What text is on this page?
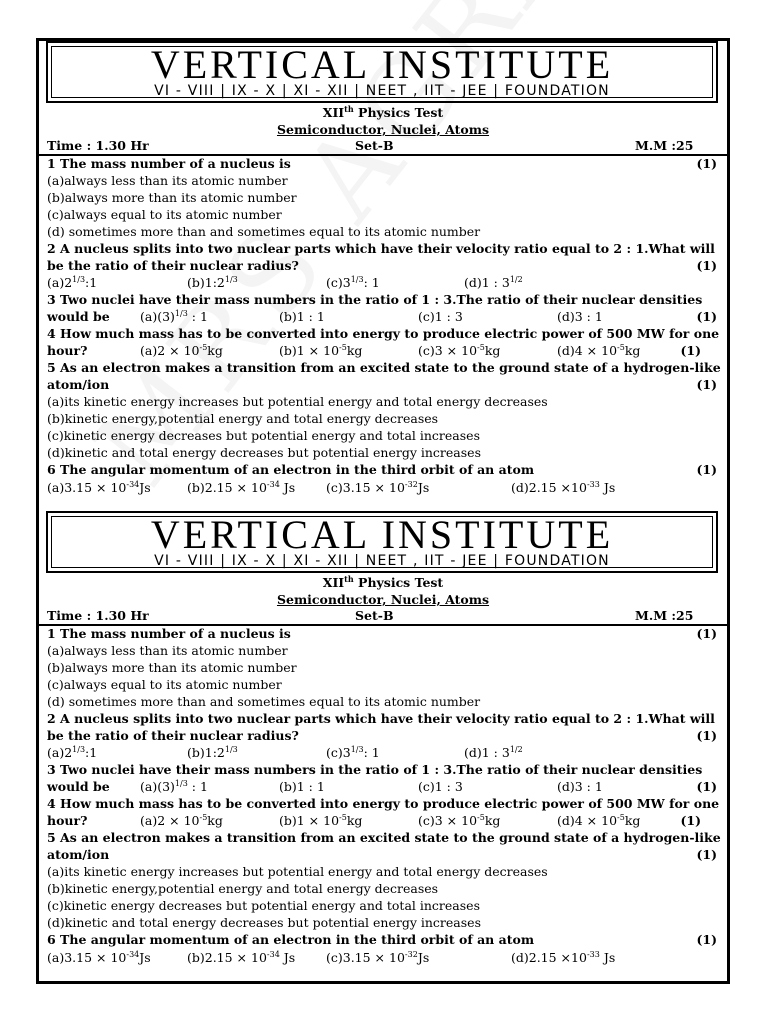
VERTICAL INSTITUTE
VI - VIII | IX - X | XI - XII | NEET , IIT - JEE | FOUNDATION
XIIth Physics Test
Semiconductor, Nuclei, Atoms
Time : 1.30 Hr	Set-B	M.M :25
1 The mass number of a nucleus is	(1)
(a)always less than its atomic number
(b)always more than its atomic number
(c)always equal to its atomic number
(d) sometimes more than and sometimes equal to its atomic number
2 A nucleus splits into two nuclear parts which have their velocity ratio equal to 2 : 1.What will
be the ratio of their nuclear radius?	(1)
$(a)2^{1/3}:1$	$(b)1:2^{1/3}$	$(c)3^{1/3}$: 1	(d)1 : $3^{1/2}$
3 Two nuclei have their mass numbers in the ratio of 1 : 3.The ratio of their nuclear densities
would be $(a)(3)^{1/3}$ : 1	(b)1 : 1	(c)1 : 3	(d)3 : 1	(1)
4 How much mass has to be converted into energy to produce electric power of 500 MW for one
hour?	$(a)2 \times 10^{-5}kg$	$(b)1 \times 10^{-5}kg$	$(c)3 \times 10^{-5}kg$	$(d)4 \times 10^{-5}kg$	(1)
5 As an electron makes a transition from an excited state to the ground state of a hydrogen-like
atom/ion	(1)
(a)its kinetic energy increases but potential energy and total energy decreases
(b)kinetic energy,potential energy and total energy decreases
(c)kinetic energy decreases but potential energy and total increases
(d)kinetic and total energy decreases but potential energy increases
6 The angular momentum of an electron in the third orbit of an atom	(1)
$(a)3.15 \times 10^{-34}Js$	$(b)2.15 \times 10^{-34}$ Js $(c)3.15 \times 10^{-32}Js$	$(d)2.15 \times 10^{-33}$ Js
VERTICAL INSTITUTE
VI - VIII | IX - X | XI - XII | NEET , IIT - JEE | FOUNDATION
XIIth Physics Test
Semiconductor, Nuclei, Atoms
Time : 1.30 Hr	Set-B	M.M :25
1 The mass number of a nucleus is	(1)
(a)always less than its atomic number
(b)always more than its atomic number
(c)always equal to its atomic number
(d) sometimes more than and sometimes equal to its atomic number
2 A nucleus splits into two nuclear parts which have their velocity ratio equal to 2 : 1.What will
be the ratio of their nuclear radius?	(1)
$(a)2^{1/3}:1$	$(b)1:2^{1/3}$	$(c)3^{1/3}$: 1	(d)1 : $3^{1/2}$
3 Two nuclei have their mass numbers in the ratio of 1 : 3.The ratio of their nuclear densities
would be $(a)(3)^{1/3}$ : 1	(b)1 : 1	(c)1 : 3	(d)3 : 1	(1)
4 How much mass has to be converted into energy to produce electric power of 500 MW for one
hour?	$(a)2 \times 10^{-5}kg$	$(b)1 \times 10^{-5}kg$	$(c)3 \times 10^{-5}kg$	$(d)4 \times 10^{-5}kg$	(1)
5 As an electron makes a transition from an excited state to the ground state of a hydrogen-like
atom/ion	(1)
(a)its kinetic energy increases but potential energy and total energy decreases
(b)kinetic energy,potential energy and total energy decreases
(c)kinetic energy decreases but potential energy and total increases
(d)kinetic and total energy decreases but potential energy increases
6 The angular momentum of an electron in the third orbit of an atom	(1)
$(a)3.15 \times 10^{-34}Js$	$(b)2.15 \times 10^{-34}$ Js $(c)3.15 \times 10^{-32}Js$	$(d)2.15 \times 10^{-33}$ Js
